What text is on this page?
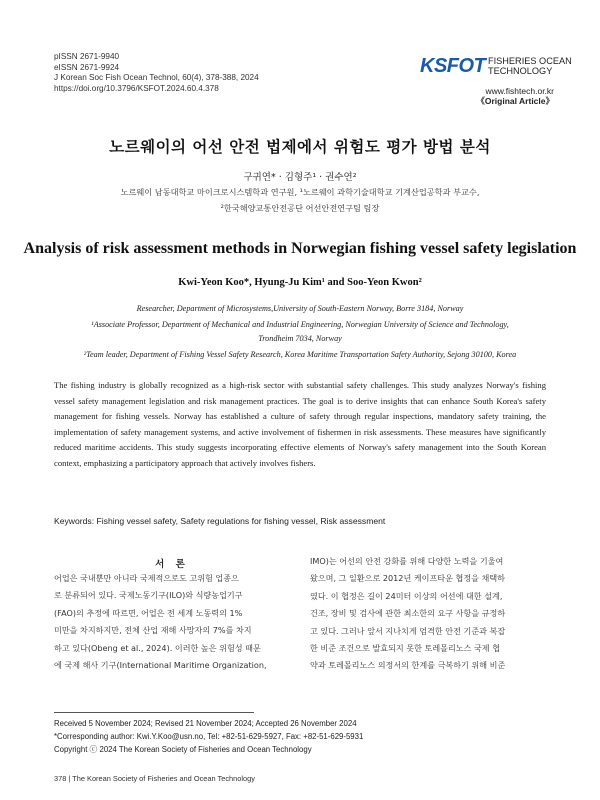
pISSN 2671-9940
eISSN 2671-9924
J Korean Soc Fish Ocean Technol, 60(4), 378-388, 2024
https://doi.org/10.3796/KSFOT.2024.60.4.378
KSFOT FISHERIES OCEAN
TECHNOLOGY
www.fishtech.or.kr
《Original Article》
노르웨이의 어선 안전 법제에서 위험도 평가 방법 분석
구귀연* · 김형주¹ · 권수연²
노르웨이 남동대학교 마이크로시스템학과 연구원, ¹노르웨이 과학기술대학교 기계산업공학과 부교수,
²한국해양교통안전공단 어선안전연구팀 팀장
Analysis of risk assessment methods in Norwegian fishing vessel safety legislation
Kwi-Yeon Koo*, Hyung-Ju Kim¹ and Soo-Yeon Kwon²
Researcher, Department of Microsystems,University of South-Eastern Norway, Borre 3184, Norway
¹Associate Professor, Department of Mechanical and Industrial Engineering, Norwegian University of Science and Technology,
Trondheim 7034, Norway
²Team leader, Department of Fishing Vessel Safety Research, Korea Maritime Transportation Safety Authority, Sejong 30100, Korea
The fishing industry is globally recognized as a high-risk sector with substantial safety challenges. This study analyzes Norway's fishing vessel safety management legislation and risk management practices. The goal is to derive insights that can enhance South Korea's safety management for fishing vessels. Norway has established a culture of safety through regular inspections, mandatory safety training, the implementation of safety management systems, and active involvement of fishermen in risk assessments. These measures have significantly reduced maritime accidents. This study suggests incorporating effective elements of Norway's safety management into the South Korean context, emphasizing a participatory approach that actively involves fishers.
Keywords: Fishing vessel safety, Safety regulations for fishing vessel, Risk assessment
서 론
어업은 국내뿐만 아니라 국제적으로도 고위험 업종으
로 분류되어 있다. 국제노동기구(ILO)와 식량농업기구
(FAO)의 추정에 따르면, 어업은 전 세계 노동력의 1%
미만을 차지하지만, 전체 산업 재해 사망자의 7%를 차지
하고 있다(Obeng et al., 2024). 이러한 높은 위험성 때문
에 국제 해사 기구(International Maritime Organization,
IMO)는 어선의 안전 강화를 위해 다양한 노력을 기울여
왔으며, 그 일환으로 2012년 케이프타운 협정을 채택하
였다. 이 협정은 길이 24미터 이상의 어선에 대한 설계,
건조, 장비 및 검사에 관한 최소한의 요구 사항을 규정하
고 있다. 그러나 앞서 지나치게 엄격한 안전 기준과 복잡
한 비준 조건으로 발효되지 못한 토레몰리노스 국제 협
약과 토레몰리노스 의정서의 한계를 극복하기 위해 비준
Received 5 November 2024; Revised 21 November 2024; Accepted 26 November 2024
*Corresponding author: Kwi.Y.Koo@usn.no, Tel: +82-51-629-5927, Fax: +82-51-629-5931
Copyright ⓒ 2024 The Korean Society of Fisheries and Ocean Technology
378 | The Korean Society of Fisheries and Ocean Technology
